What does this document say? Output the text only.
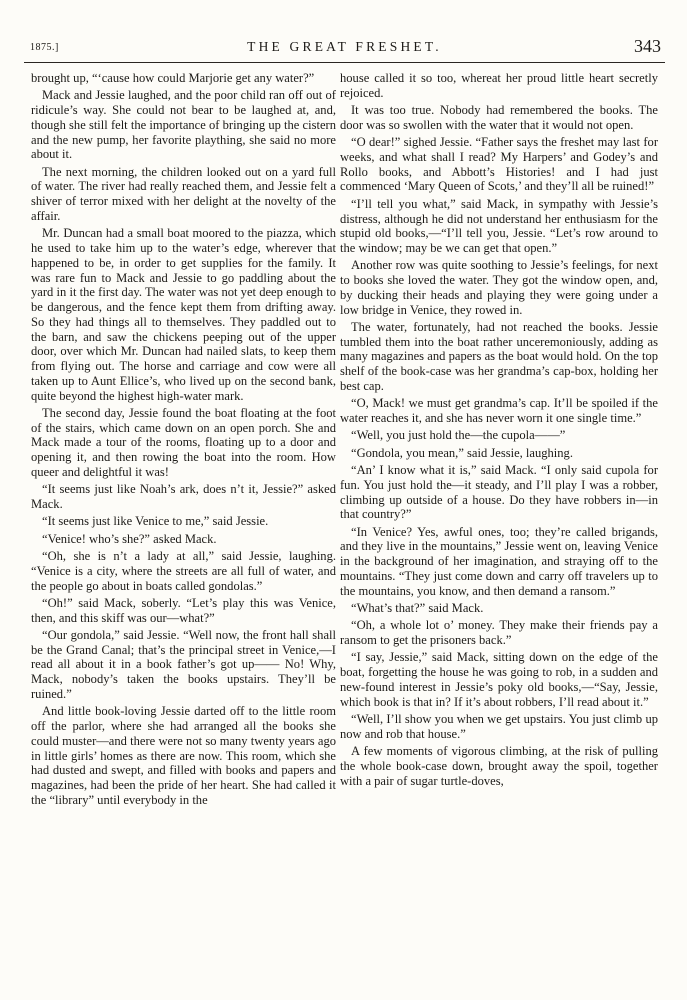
1875.]	THE GREAT FRESHET.	343

brought up, “‘cause how could Marjorie get any water?”

Mack and Jessie laughed, and the poor child ran off out of ridicule’s way. She could not bear to be laughed at, and, though she still felt the importance of bringing up the cistern and the new pump, her favorite plaything, she said no more about it.

The next morning, the children looked out on a yard full of water. The river had really reached them, and Jessie felt a shiver of terror mixed with her delight at the novelty of the affair.

Mr. Duncan had a small boat moored to the piazza, which he used to take him up to the water’s edge, wherever that happened to be, in order to get supplies for the family. It was rare fun to Mack and Jessie to go paddling about the yard in it the first day. The water was not yet deep enough to be dangerous, and the fence kept them from drifting away. So they had things all to themselves. They paddled out to the barn, and saw the chickens peeping out of the upper door, over which Mr. Duncan had nailed slats, to keep them from flying out. The horse and carriage and cow were all taken up to Aunt Ellice’s, who lived up on the second bank, quite beyond the highest high-water mark.

The second day, Jessie found the boat floating at the foot of the stairs, which came down on an open porch. She and Mack made a tour of the rooms, floating up to a door and opening it, and then rowing the boat into the room. How queer and delightful it was!

“It seems just like Noah’s ark, does n’t it, Jessie?” asked Mack.

“It seems just like Venice to me,” said Jessie.

“Venice! who’s she?” asked Mack.

“Oh, she is n’t a lady at all,” said Jessie, laughing. “Venice is a city, where the streets are all full of water, and the people go about in boats called gondolas.”

“Oh!” said Mack, soberly. “Let’s play this was Venice, then, and this skiff was our—what?”

“Our gondola,” said Jessie. “Well now, the front hall shall be the Grand Canal; that’s the principal street in Venice,—I read all about it in a book father’s got up—— No! Why, Mack, nobody’s taken the books upstairs. They’ll be ruined.”

And little book-loving Jessie darted off to the little room off the parlor, where she had arranged all the books she could muster—and there were not so many twenty years ago in little girls’ homes as there are now. This room, which she had dusted and swept, and filled with books and papers and magazines, had been the pride of her heart. She had called it the “library” until everybody in the

house called it so too, whereat her proud little heart secretly rejoiced.

It was too true. Nobody had remembered the books. The door was so swollen with the water that it would not open.

“O dear!” sighed Jessie. “Father says the freshet may last for weeks, and what shall I read? My Harpers’ and Godey’s and Rollo books, and Abbott’s Histories! and I had just commenced ‘Mary Queen of Scots,’ and they’ll all be ruined!”

“I’ll tell you what,” said Mack, in sympathy with Jessie’s distress, although he did not understand her enthusiasm for the stupid old books,—“I’ll tell you, Jessie. “Let’s row around to the window; may be we can get that open.”

Another row was quite soothing to Jessie’s feelings, for next to books she loved the water. They got the window open, and, by ducking their heads and playing they were going under a low bridge in Venice, they rowed in.

The water, fortunately, had not reached the books. Jessie tumbled them into the boat rather unceremoniously, adding as many magazines and papers as the boat would hold. On the top shelf of the book-case was her grandma’s cap-box, holding her best cap.

“O, Mack! we must get grandma’s cap. It’ll be spoiled if the water reaches it, and she has never worn it one single time.”

“Well, you just hold the—the cupola——”

“Gondola, you mean,” said Jessie, laughing.

“An’ I know what it is,” said Mack. “I only said cupola for fun. You just hold the—it steady, and I’ll play I was a robber, climbing up outside of a house. Do they have robbers in—in that country?”

“In Venice? Yes, awful ones, too; they’re called brigands, and they live in the mountains,” Jessie went on, leaving Venice in the background of her imagination, and straying off to the mountains. “They just come down and carry off travelers up to the mountains, you know, and then demand a ransom.”

“What’s that?” said Mack.

“Oh, a whole lot o’ money. They make their friends pay a ransom to get the prisoners back.”

“I say, Jessie,” said Mack, sitting down on the edge of the boat, forgetting the house he was going to rob, in a sudden and new-found interest in Jessie’s poky old books,—“Say, Jessie, which book is that in? If it’s about robbers, I’ll read about it.”

“Well, I’ll show you when we get upstairs. You just climb up now and rob that house.”

A few moments of vigorous climbing, at the risk of pulling the whole book-case down, brought away the spoil, together with a pair of sugar turtle-doves,
